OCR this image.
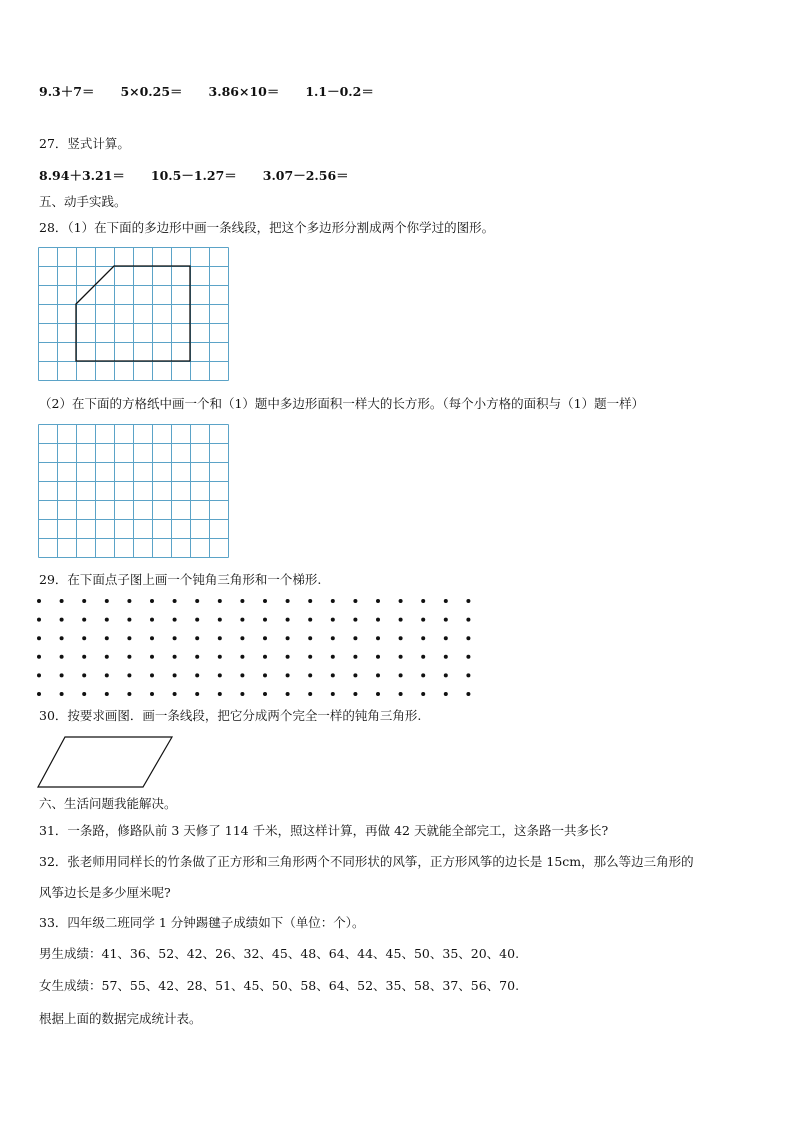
9.3＋7＝ 5×0.25＝ 3.86×10＝ 1.1－0.2＝
27．竖式计算。
8.94＋3.21＝ 10.5－1.27＝ 3.07－2.56＝
五、动手实践。
28．（1）在下面的多边形中画一条线段，把这个多边形分割成两个你学过的图形。
（2）在下面的方格纸中画一个和（1）题中多边形面积一样大的长方形。（每个小方格的面积与（1）题一样）
29．在下面点子图上画一个钝角三角形和一个梯形.
30．按要求画图．画一条线段，把它分成两个完全一样的钝角三角形.
六、生活问题我能解决。
31．一条路，修路队前 3 天修了 114 千米，照这样计算，再做 42 天就能全部完工，这条路一共多长?
32．张老师用同样长的竹条做了正方形和三角形两个不同形状的风筝，正方形风筝的边长是 15cm，那么等边三角形的
风筝边长是多少厘米呢?
33．四年级二班同学 1 分钟踢毽子成绩如下（单位：个）。
男生成绩：41、36、52、42、26、32、45、48、64、44、45、50、35、20、40.
女生成绩：57、55、42、28、51、45、50、58、64、52、35、58、37、56、70.
根据上面的数据完成统计表。
